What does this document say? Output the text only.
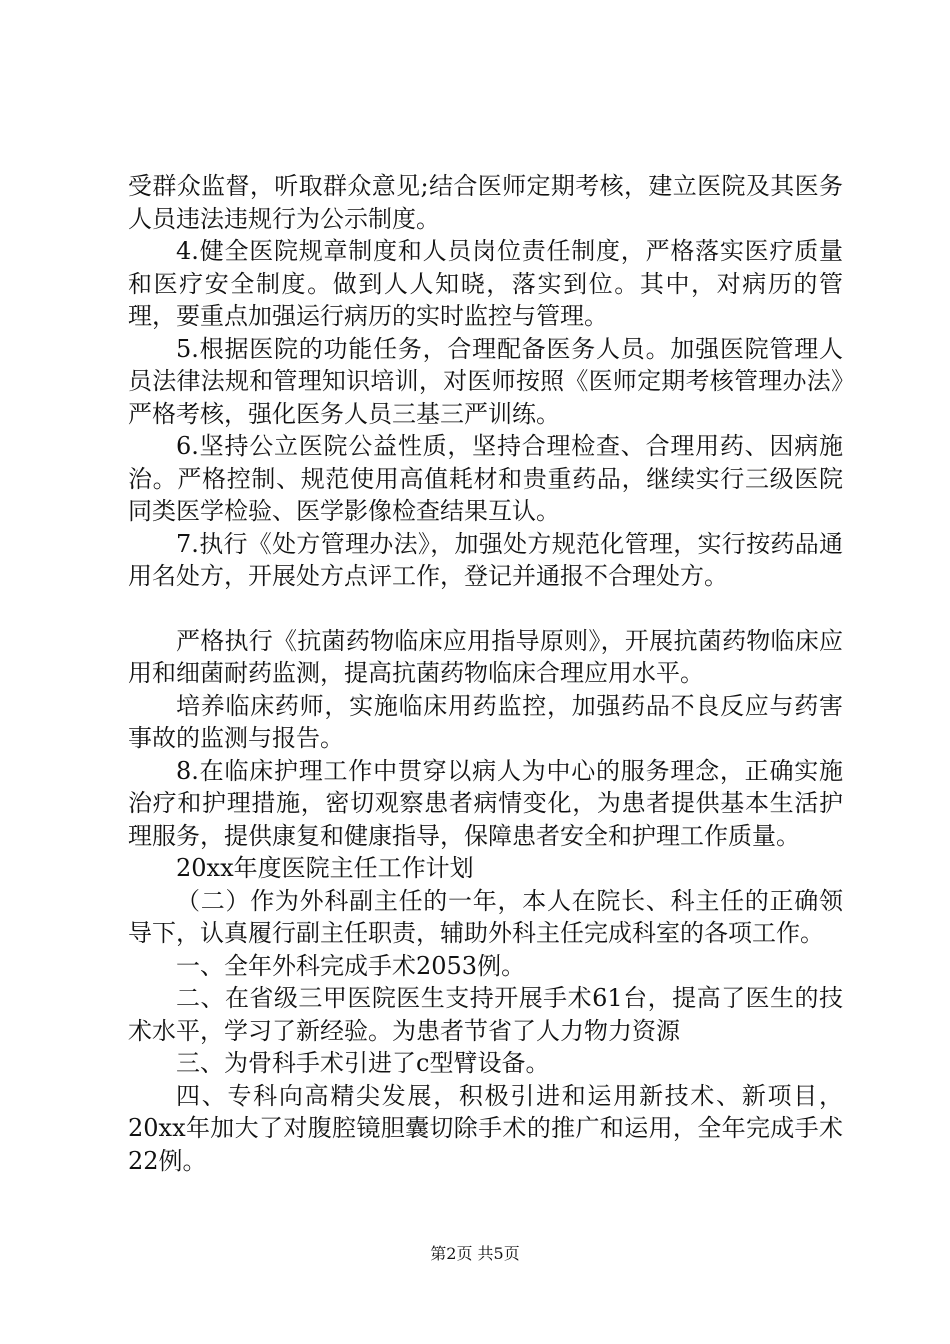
受群众监督，听取群众意见;结合医师定期考核，建立医院及其医务人员违法违规行为公示制度。

4.健全医院规章制度和人员岗位责任制度，严格落实医疗质量和医疗安全制度。做到人人知晓，落实到位。其中，对病历的管理，要重点加强运行病历的实时监控与管理。

5.根据医院的功能任务，合理配备医务人员。加强医院管理人员法律法规和管理知识培训，对医师按照《医师定期考核管理办法》严格考核，强化医务人员三基三严训练。

6.坚持公立医院公益性质，坚持合理检查、合理用药、因病施治。严格控制、规范使用高值耗材和贵重药品，继续实行三级医院同类医学检验、医学影像检查结果互认。

7.执行《处方管理办法》，加强处方规范化管理，实行按药品通用名处方，开展处方点评工作，登记并通报不合理处方。

严格执行《抗菌药物临床应用指导原则》，开展抗菌药物临床应用和细菌耐药监测，提高抗菌药物临床合理应用水平。

培养临床药师，实施临床用药监控，加强药品不良反应与药害事故的监测与报告。

8.在临床护理工作中贯穿以病人为中心的服务理念，正确实施治疗和护理措施，密切观察患者病情变化，为患者提供基本生活护理服务，提供康复和健康指导，保障患者安全和护理工作质量。

20xx年度医院主任工作计划

（二）作为外科副主任的一年，本人在院长、科主任的正确领导下，认真履行副主任职责，辅助外科主任完成科室的各项工作。

一、全年外科完成手术2053例。

二、在省级三甲医院医生支持开展手术61台，提高了医生的技术水平，学习了新经验。为患者节省了人力物力资源

三、为骨科手术引进了c型臂设备。

四、专科向高精尖发展，积极引进和运用新技术、新项目，20xx年加大了对腹腔镜胆囊切除手术的推广和运用，全年完成手术22例。

第2页 共5页
